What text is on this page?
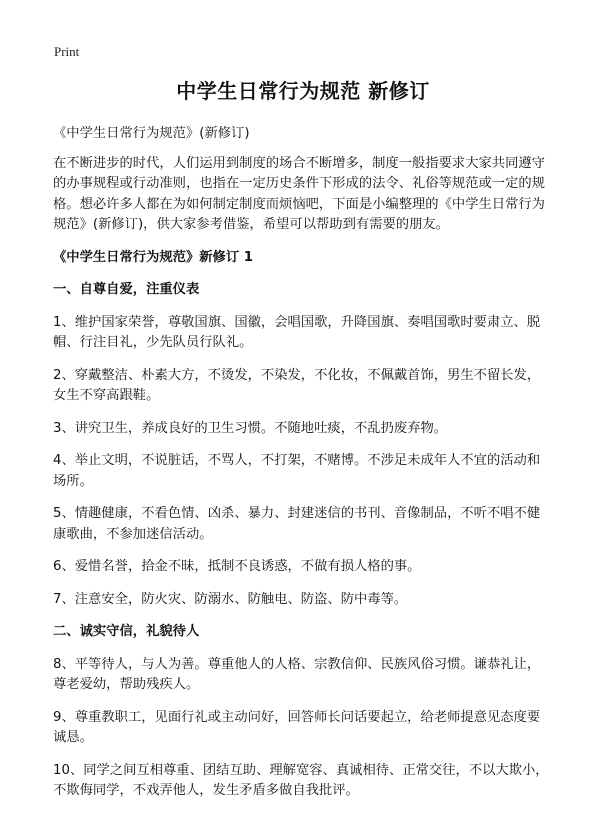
Print
中学生日常行为规范 新修订

《中学生日常行为规范》(新修订)

在不断进步的时代，人们运用到制度的场合不断增多，制度一般指要求大家共同遵守的办事规程或行动准则，也指在一定历史条件下形成的法令、礼俗等规范或一定的规格。想必许多人都在为如何制定制度而烦恼吧，下面是小编整理的《中学生日常行为规范》(新修订)，供大家参考借鉴，希望可以帮助到有需要的朋友。

《中学生日常行为规范》新修订 1

一、自尊自爱，注重仪表

1、维护国家荣誉，尊敬国旗、国徽，会唱国歌，升降国旗、奏唱国歌时要肃立、脱帽、行注目礼，少先队员行队礼。

2、穿戴整洁、朴素大方，不烫发，不染发，不化妆，不佩戴首饰，男生不留长发，女生不穿高跟鞋。

3、讲究卫生，养成良好的卫生习惯。不随地吐痰，不乱扔废弃物。

4、举止文明，不说脏话，不骂人，不打架，不赌博。不涉足未成年人不宜的活动和场所。

5、情趣健康，不看色情、凶杀、暴力、封建迷信的书刊、音像制品，不听不唱不健康歌曲，不参加迷信活动。

6、爱惜名誉，拾金不昧，抵制不良诱惑，不做有损人格的事。

7、注意安全，防火灾、防溺水、防触电、防盗、防中毒等。

二、诚实守信，礼貌待人

8、平等待人，与人为善。尊重他人的人格、宗教信仰、民族风俗习惯。谦恭礼让，尊老爱幼，帮助残疾人。

9、尊重教职工，见面行礼或主动问好，回答师长问话要起立，给老师提意见态度要诚恳。

10、同学之间互相尊重、团结互助、理解宽容、真诚相待、正常交往，不以大欺小，不欺侮同学，不戏弄他人，发生矛盾多做自我批评。
